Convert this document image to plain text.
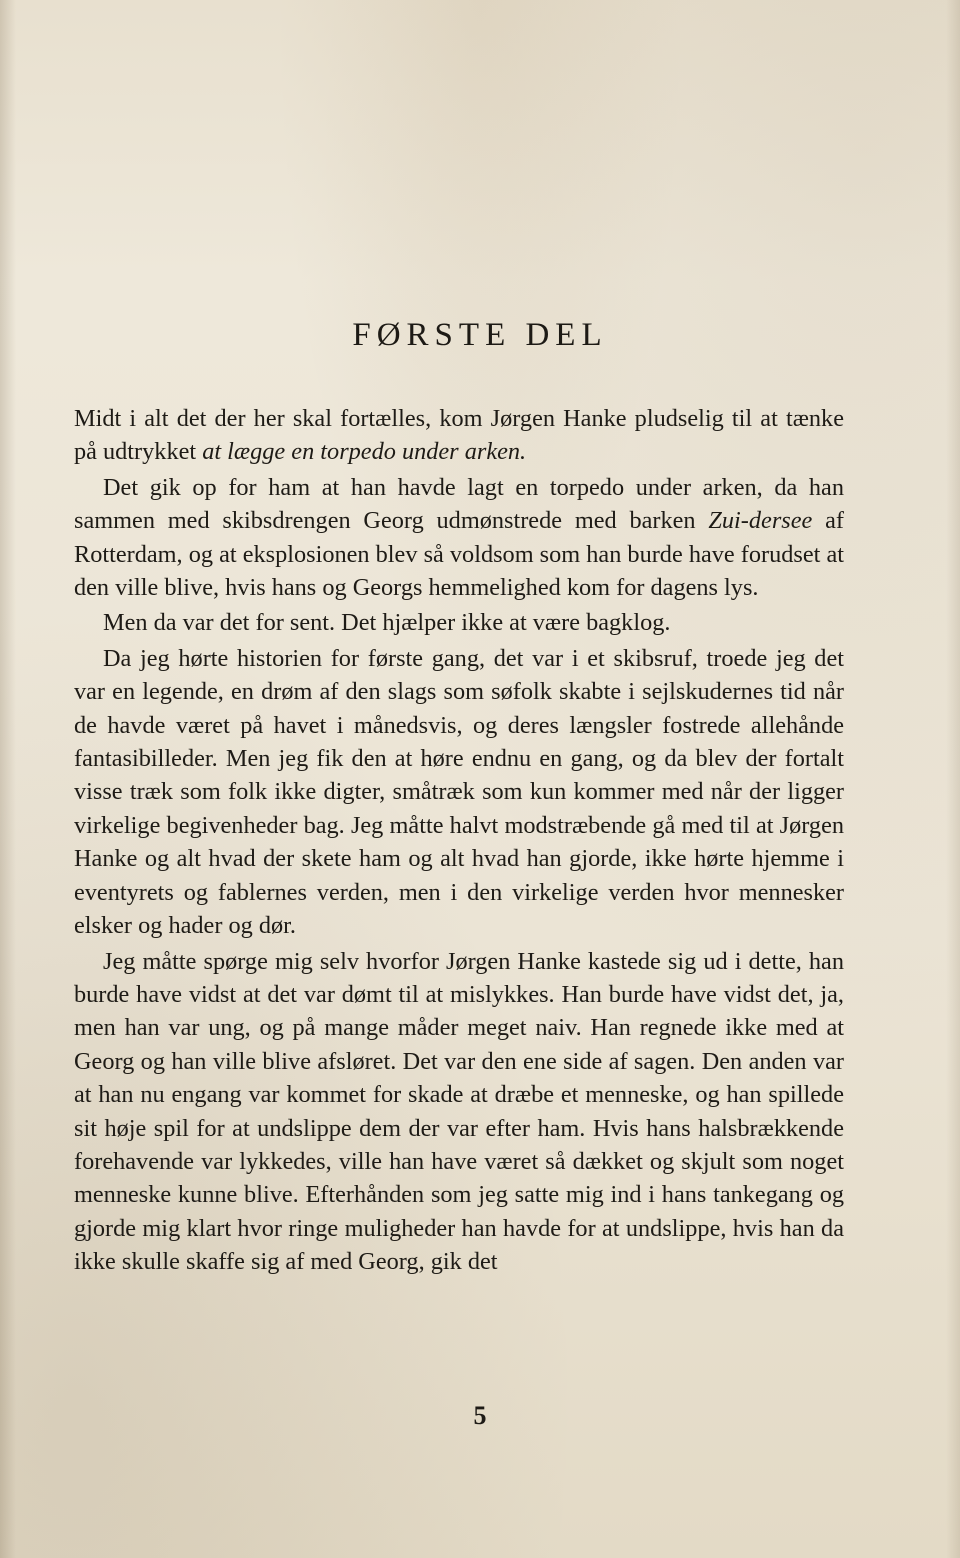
FØRSTE DEL

Midt i alt det der her skal fortælles, kom Jørgen Hanke pludselig til at tænke på udtrykket at lægge en torpedo under arken.

Det gik op for ham at han havde lagt en torpedo under arken, da han sammen med skibsdrengen Georg udmønstrede med barken Zui-dersee af Rotterdam, og at eksplosionen blev så voldsom som han burde have forudset at den ville blive, hvis hans og Georgs hemmelighed kom for dagens lys.

Men da var det for sent. Det hjælper ikke at være bagklog.

Da jeg hørte historien for første gang, det var i et skibsruf, troede jeg det var en legende, en drøm af den slags som søfolk skabte i sejlskudernes tid når de havde været på havet i månedsvis, og deres længsler fostrede allehånde fantasibilleder. Men jeg fik den at høre endnu en gang, og da blev der fortalt visse træk som folk ikke digter, småtræk som kun kommer med når der ligger virkelige begivenheder bag. Jeg måtte halvt modstræbende gå med til at Jørgen Hanke og alt hvad der skete ham og alt hvad han gjorde, ikke hørte hjemme i eventyrets og fablernes verden, men i den virkelige verden hvor mennesker elsker og hader og dør.

Jeg måtte spørge mig selv hvorfor Jørgen Hanke kastede sig ud i dette, han burde have vidst at det var dømt til at mislykkes. Han burde have vidst det, ja, men han var ung, og på mange måder meget naiv. Han regnede ikke med at Georg og han ville blive afsløret. Det var den ene side af sagen. Den anden var at han nu engang var kommet for skade at dræbe et menneske, og han spillede sit høje spil for at undslippe dem der var efter ham. Hvis hans halsbrækkende forehavende var lykkedes, ville han have været så dækket og skjult som noget menneske kunne blive. Efterhånden som jeg satte mig ind i hans tankegang og gjorde mig klart hvor ringe muligheder han havde for at undslippe, hvis han da ikke skulle skaffe sig af med Georg, gik det

5
